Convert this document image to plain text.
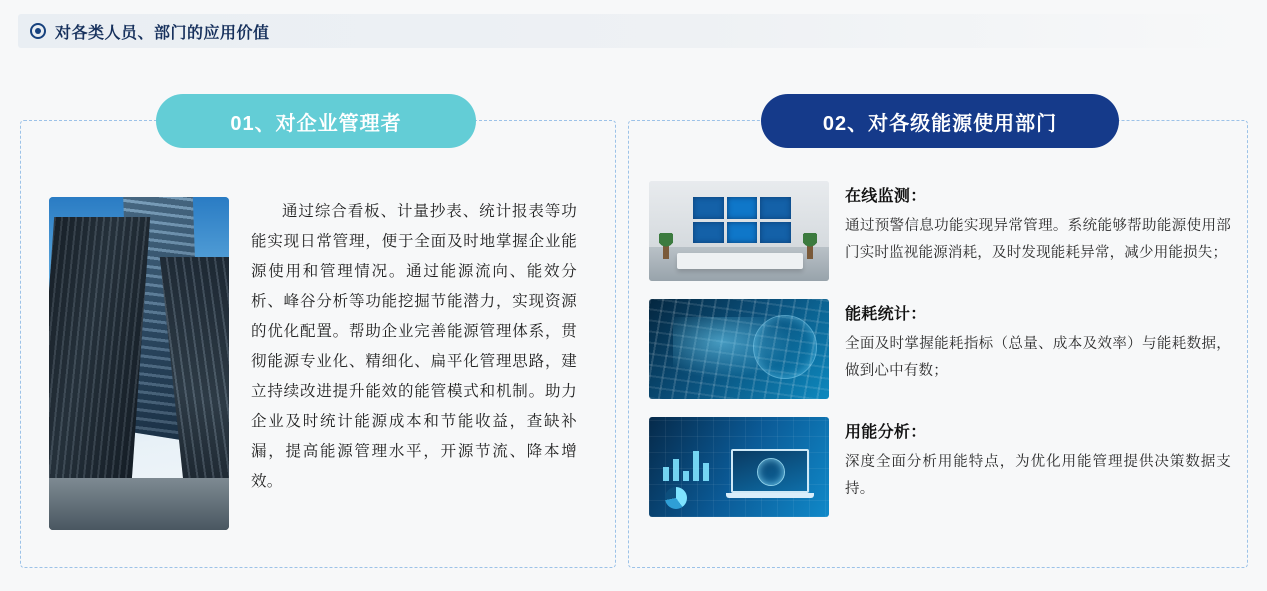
对各类人员、部门的应用价值
01、对企业管理者
通过综合看板、计量抄表、统计报表等功能实现日常管理，便于全面及时地掌握企业能源使用和管理情况。通过能源流向、能效分析、峰谷分析等功能挖掘节能潜力，实现资源的优化配置。帮助企业完善能源管理体系，贯彻能源专业化、精细化、扁平化管理思路，建立持续改进提升能效的能管模式和机制。助力企业及时统计能源成本和节能收益，查缺补漏，提高能源管理水平，开源节流、降本增效。
02、对各级能源使用部门
在线监测：
通过预警信息功能实现异常管理。系统能够帮助能源使用部门实时监视能源消耗，及时发现能耗异常，减少用能损失；
能耗统计：
全面及时掌握能耗指标（总量、成本及效率）与能耗数据，做到心中有数；
用能分析：
深度全面分析用能特点，为优化用能管理提供决策数据支持。
